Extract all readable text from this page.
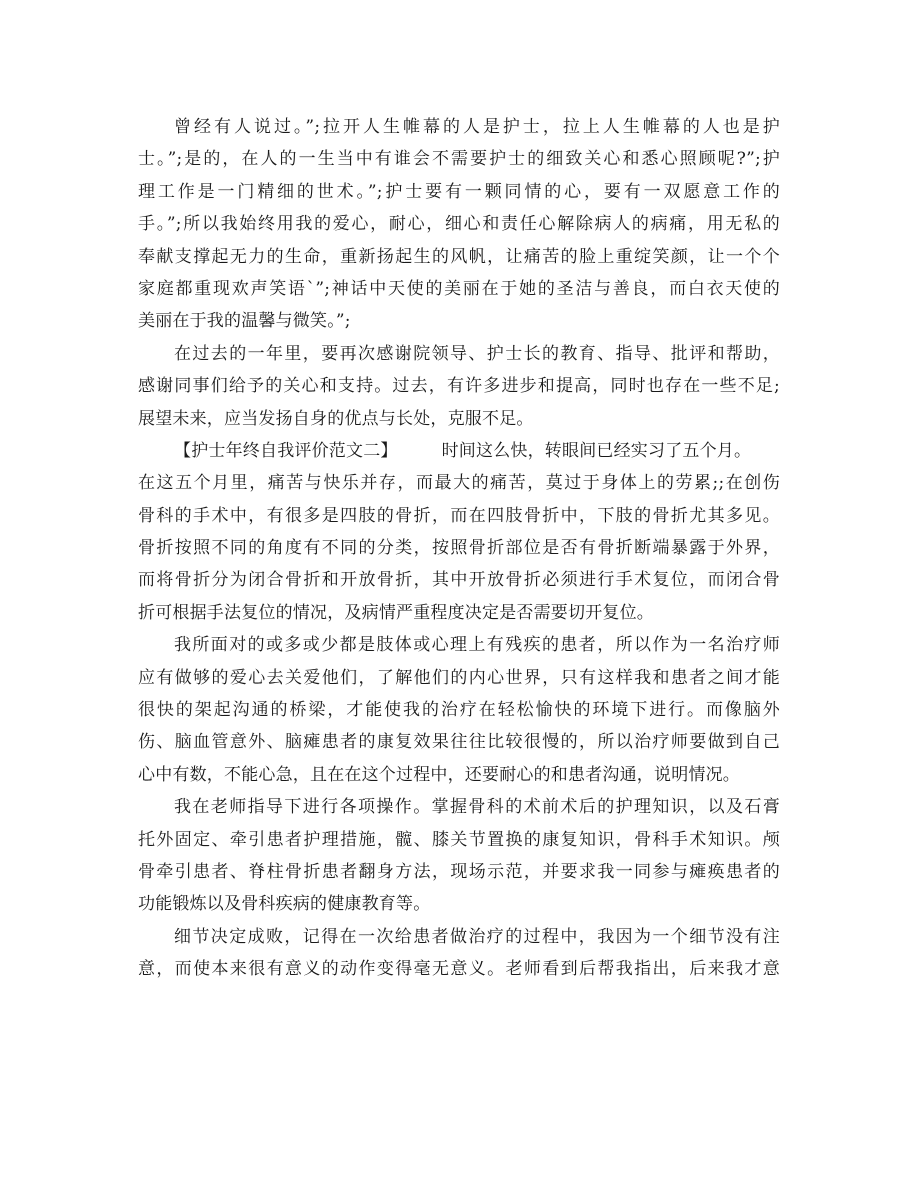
曾经有人说过。”;拉开人生帷幕的人是护士，拉上人生帷幕的人也是护
士。”;是的，在人的一生当中有谁会不需要护士的细致关心和悉心照顾呢?”;护
理工作是一门精细的世术。”;护士要有一颗同情的心，要有一双愿意工作的
手。”;所以我始终用我的爱心，耐心，细心和责任心解除病人的病痛，用无私的
奉献支撑起无力的生命，重新扬起生的风帆，让痛苦的脸上重绽笑颜，让一个个
家庭都重现欢声笑语`”;神话中天使的美丽在于她的圣洁与善良，而白衣天使的
美丽在于我的温馨与微笑。”;
在过去的一年里，要再次感谢院领导、护士长的教育、指导、批评和帮助，
感谢同事们给予的关心和支持。过去，有许多进步和提高，同时也存在一些不足;
展望未来，应当发扬自身的优点与长处，克服不足。
【护士年终自我评价范文二】	时间这么快，转眼间已经实习了五个月。
在这五个月里，痛苦与快乐并存，而最大的痛苦，莫过于身体上的劳累;;在创伤
骨科的手术中，有很多是四肢的骨折，而在四肢骨折中，下肢的骨折尤其多见。
骨折按照不同的角度有不同的分类，按照骨折部位是否有骨折断端暴露于外界，
而将骨折分为闭合骨折和开放骨折，其中开放骨折必须进行手术复位，而闭合骨
折可根据手法复位的情况，及病情严重程度决定是否需要切开复位。
我所面对的或多或少都是肢体或心理上有残疾的患者，所以作为一名治疗师
应有做够的爱心去关爱他们，了解他们的内心世界，只有这样我和患者之间才能
很快的架起沟通的桥梁，才能使我的治疗在轻松愉快的环境下进行。而像脑外
伤、脑血管意外、脑瘫患者的康复效果往往比较很慢的，所以治疗师要做到自己
心中有数，不能心急，且在在这个过程中，还要耐心的和患者沟通，说明情况。
我在老师指导下进行各项操作。掌握骨科的术前术后的护理知识，以及石膏
托外固定、牵引患者护理措施，髋、膝关节置换的康复知识，骨科手术知识。颅
骨牵引患者、脊柱骨折患者翻身方法，现场示范，并要求我一同参与瘫痪患者的
功能锻炼以及骨科疾病的健康教育等。
细节决定成败，记得在一次给患者做治疗的过程中，我因为一个细节没有注
意，而使本来很有意义的动作变得毫无意义。老师看到后帮我指出，后来我才意
